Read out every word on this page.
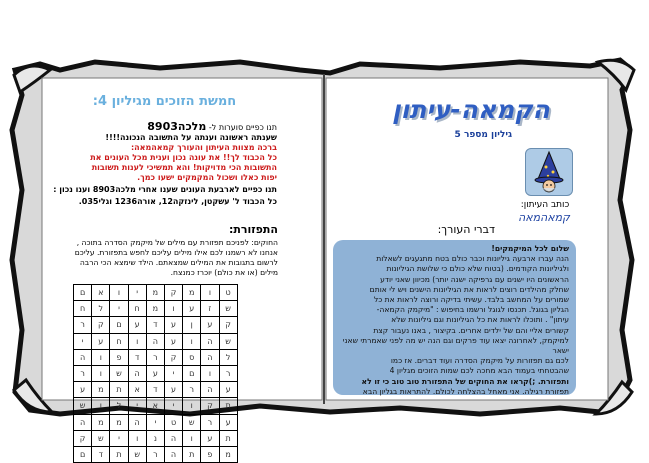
חמשת הזוכים מגיליון 4:
תנו כפיים סוערות ל- מלכה8903
שענתה ראשונה וענתה על התשובה הנכונה!!!!
ברכה מצוות העיתון והעורך קמאהמאה:
כל הכבוד לך!! את עונה נכון וענית מכל העונים את
התשובות הכי מדויקות! והא תמשיכי לענות תשובות
יפות כאלו ושכול המקמקים ישעו כמך.
תנו כפיים לארבעת העונים שענו אחרי מלכה8903 וענו נכון :
כל הכבוד ל' עשקטן, לינזקה12, אורה1236 וגלי035.
התפזורת:
החוקים: לפניכם תפזורת עם מילים של מיקמק הסדרה בתוכה ,
אנחנו לא רשמנו לכם אילו מילים עליכם לחפש בתפזורת. עליכם
לרשום בתגובות את המילים שמצאתם. הילד שימצא הכי הרבה
מילים (או את כולם) יוכרז כמנצח.
ם	א	ו	י	מ	ק	מ	ו	ט
ח	ל	י	ח	מ	ו	ע	ז	ש
ר	ק	ם	ע	ד	ע	ן	ע	ק
י	ע	ח	ו	ה	ע	ו	ה	ש
ה	ו	פ	ד	ר	ק	ס	ה	ל
ר	ו	ש	ה	ע	י	ם	ו	ר
ע	מ	ת	א	ד	ע	ר	ה	ע
ש	ו	ל	י	א	י	ו	ק	ת
ה	מ	מ	ה	י	ט	ש	ר	ע
ק	ש	י	ו	נ	ה	ו	ע	ת
ם	ד	ת	ש	ר	ה	ת	פ	מ
הקמאה-עיתון
גיליון מספר 5
כותב העיתון:
קמאהמאה
דברי העורך:
שלום לכל המיקמקים!
הנה עברו ארבעה גיליונות וכבר כולם בטח מתגעגים לשאלות
ולגיליונות הקודמים. (בטוח שלא כולם כי שלושת הגיליונות
הראשונים היו ישנים עם גרפיקה ישנה יותר) מכיוון שאני יודע
שחלק מהילדים רוצים לראות את הגיליונות הישנים ויש לי אותם
שמורים על המחשב בלבד. עשיתי בדיקה ורוצה לראות את כל
הגליון בגוגל. תכנסו לגוגל ורשמו בחיפוש : "מיקמק הקמאה-
עיתון" . ותוכלו לראות את כל הגיליונות וגם גיליונות שלא
קשורים אליי והם של ילדים אחרים. בקיצור , באנו נעבור קצת
למיקמק, לאחרונה יצאו עוד פרקים וגם הנה יש מה לפני שאמרתי שאני ישאר
לכם גם תפזורות על מיקמק הסדרה ועוד דברים. אז כמו
שהבטחתי בעמוד הבא מחכה לכם שמות הזוכים מגליון 4
ותפזורת. ;)קראו את החוקים של התפזורת טוב טוב כי זו לא
תפזורת רגילה. אני מאחל בהצלחה לכולם. להתראות בגליון הבא
